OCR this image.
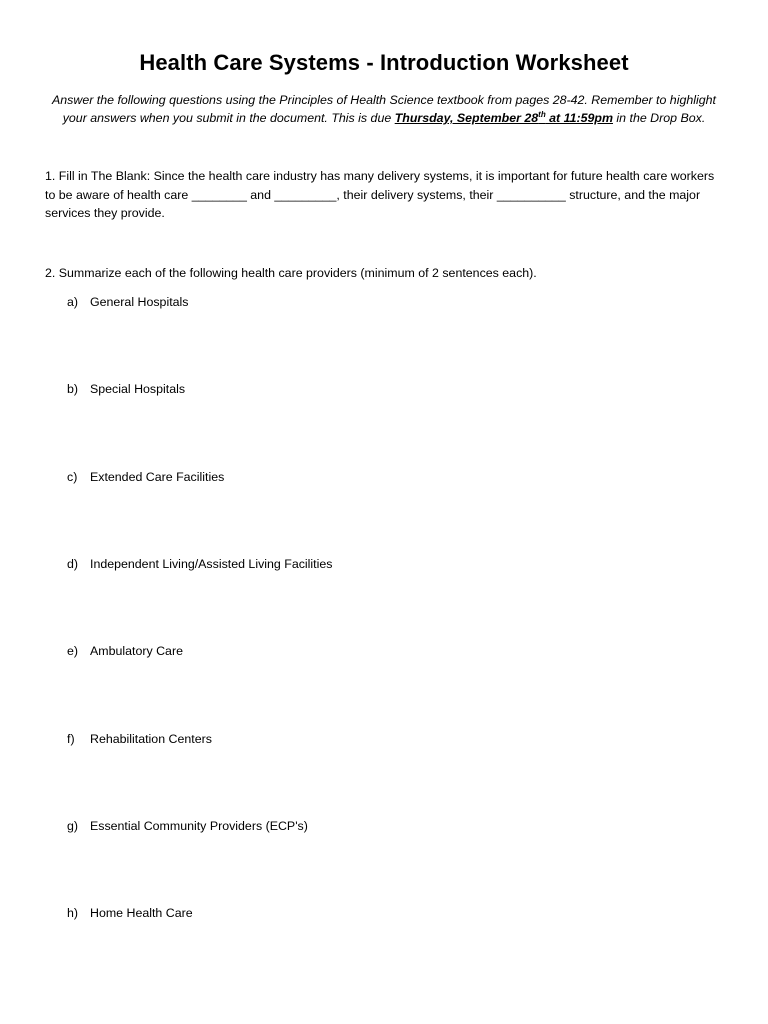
Health Care Systems - Introduction Worksheet
Answer the following questions using the Principles of Health Science textbook from pages 28-42. Remember to highlight your answers when you submit in the document. This is due Thursday, September 28th at 11:59pm in the Drop Box.
1. Fill in The Blank: Since the health care industry has many delivery systems, it is important for future health care workers to be aware of health care ________ and _________, their delivery systems, their __________ structure, and the major services they provide.
2. Summarize each of the following health care providers (minimum of 2 sentences each).
a) General Hospitals
b) Special Hospitals
c) Extended Care Facilities
d) Independent Living/Assisted Living Facilities
e) Ambulatory Care
f) Rehabilitation Centers
g) Essential Community Providers (ECP's)
h) Home Health Care
